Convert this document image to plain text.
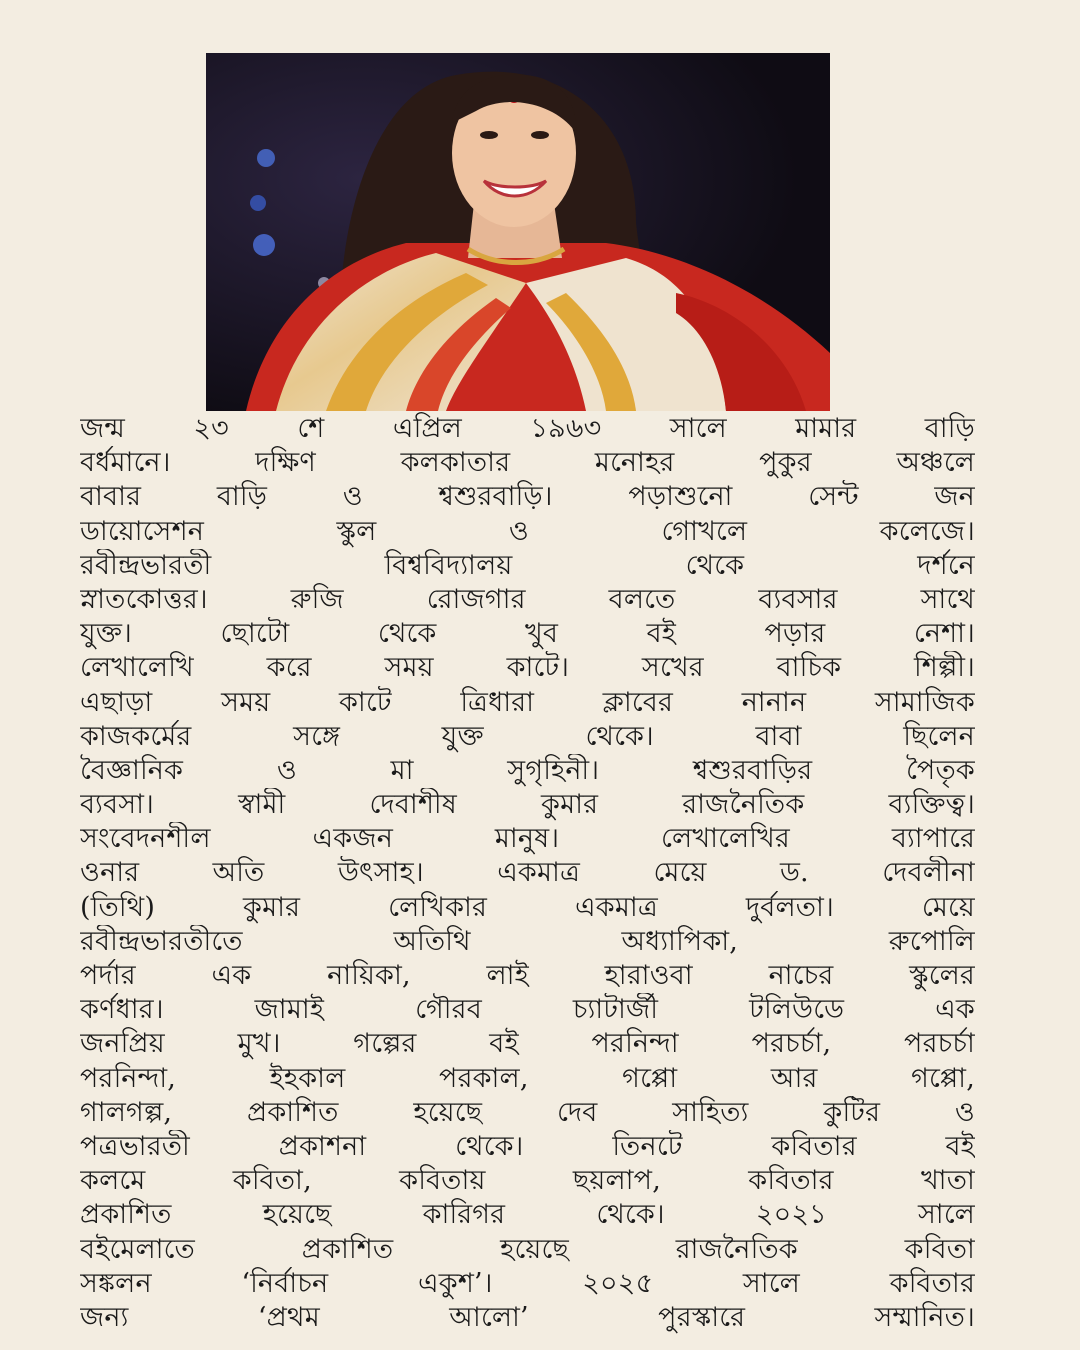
জন্ম ২৩ শে এপ্রিল ১৯৬৩ সালে মামার বাড়ি
বর্ধমানে। দক্ষিণ কলকাতার মনোহর পুকুর অঞ্চলে
বাবার বাড়ি ও শ্বশুরবাড়ি। পড়াশুনো সেন্ট জন
ডায়োসেশন স্কুল ও গোখলে কলেজে।
রবীন্দ্রভারতী বিশ্ববিদ্যালয় থেকে দর্শনে
স্নাতকোত্তর। রুজি রোজগার বলতে ব্যবসার সাথে
যুক্ত। ছোটো থেকে খুব বই পড়ার নেশা।
লেখালেখি করে সময় কাটে। সখের বাচিক শিল্পী।
এছাড়া সময় কাটে ত্রিধারা ক্লাবের নানান সামাজিক
কাজকর্মের সঙ্গে যুক্ত থেকে। বাবা ছিলেন
বৈজ্ঞানিক ও মা সুগৃহিনী। শ্বশুরবাড়ির পৈতৃক
ব্যবসা। স্বামী দেবাশীষ কুমার রাজনৈতিক ব্যক্তিত্ব।
সংবেদনশীল একজন মানুষ। লেখালেখির ব্যাপারে
ওনার অতি উৎসাহ। একমাত্র মেয়ে ড. দেবলীনা
(তিথি) কুমার লেখিকার একমাত্র দুর্বলতা। মেয়ে
রবীন্দ্রভারতীতে অতিথি অধ্যাপিকা, রুপোলি
পর্দার এক নায়িকা, লাই হারাওবা নাচের স্কুলের
কর্ণধার। জামাই গৌরব চ্যাটার্জী টলিউডে এক
জনপ্রিয় মুখ। গল্পের বই পরনিন্দা পরচর্চা, পরচর্চা
পরনিন্দা, ইহকাল পরকাল, গপ্পো আর গপ্পো,
গালগল্প, প্রকাশিত হয়েছে দেব সাহিত্য কুটির ও
পত্রভারতী প্রকাশনা থেকে। তিনটে কবিতার বই
কলমে কবিতা, কবিতায় ছয়লাপ, কবিতার খাতা
প্রকাশিত হয়েছে কারিগর থেকে। ২০২১ সালে
বইমেলাতে প্রকাশিত হয়েছে রাজনৈতিক কবিতা
সঙ্কলন ‘নির্বাচন একুশ’। ২০২৫ সালে কবিতার
জন্য ‘প্রথম আলো’ পুরস্কারে সম্মানিত।
